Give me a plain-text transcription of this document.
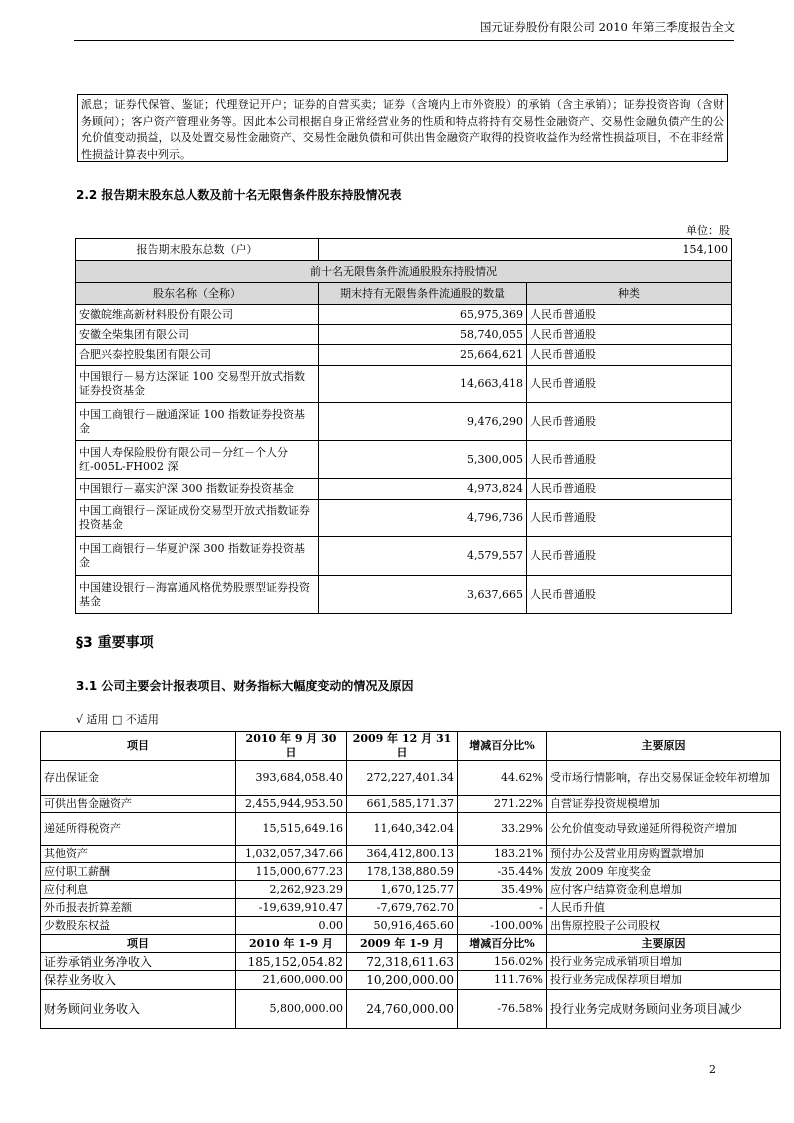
国元证券股份有限公司 2010 年第三季度报告全文
派息；证券代保管、鉴证；代理登记开户；证券的自营买卖；证券（含境内上市外资股）的承销（含主承销）；证券投资咨询（含财务顾问）；客户资产管理业务等。因此本公司根据自身正常经营业务的性质和特点将持有交易性金融资产、交易性金融负债产生的公允价值变动损益，以及处置交易性金融资产、交易性金融负债和可供出售金融资产取得的投资收益作为经常性损益项目，不在非经常性损益计算表中列示。
2.2 报告期末股东总人数及前十名无限售条件股东持股情况表
单位：股
报告期末股东总数（户）	154,100	
前十名无限售条件流通股股东持股情况		
股东名称（全称）	期末持有无限售条件流通股的数量	种类
安徽皖维高新材料股份有限公司	65,975,369	人民币普通股
安徽全柴集团有限公司	58,740,055	人民币普通股
合肥兴泰控股集团有限公司	25,664,621	人民币普通股
中国银行－易方达深证 100 交易型开放式指数证券投资基金	14,663,418	人民币普通股
中国工商银行－融通深证 100 指数证券投资基金	9,476,290	人民币普通股
中国人寿保险股份有限公司－分红－个人分红-005L-FH002 深	5,300,005	人民币普通股
中国银行－嘉实沪深 300 指数证券投资基金	4,973,824	人民币普通股
中国工商银行－深证成份交易型开放式指数证券投资基金	4,796,736	人民币普通股
中国工商银行－华夏沪深 300 指数证券投资基金	4,579,557	人民币普通股
中国建设银行－海富通风格优势股票型证券投资基金	3,637,665	人民币普通股
§3 重要事项
3.1 公司主要会计报表项目、财务指标大幅度变动的情况及原因
√ 适用 □ 不适用
项目	2010 年 9 月 30 日	2009 年 12 月 31 日	增减百分比%	主要原因
存出保证金	393,684,058.40	272,227,401.34	44.62%	受市场行情影响，存出交易保证金较年初增加
可供出售金融资产	2,455,944,953.50	661,585,171.37	271.22%	自营证券投资规模增加
递延所得税资产	15,515,649.16	11,640,342.04	33.29%	公允价值变动导致递延所得税资产增加
其他资产	1,032,057,347.66	364,412,800.13	183.21%	预付办公及营业用房购置款增加
应付职工薪酬	115,000,677.23	178,138,880.59	-35.44%	发放 2009 年度奖金
应付利息	2,262,923.29	1,670,125.77	35.49%	应付客户结算资金利息增加
外币报表折算差额	-19,639,910.47	-7,679,762.70	-	人民币升值
少数股东权益	0.00	50,916,465.60	-100.00%	出售原控股子公司股权
项目	2010 年 1-9 月	2009 年 1-9 月	增减百分比%	主要原因
证券承销业务净收入	185,152,054.82	72,318,611.63	156.02%	投行业务完成承销项目增加
保荐业务收入	21,600,000.00	10,200,000.00	111.76%	投行业务完成保荐项目增加
财务顾问业务收入	5,800,000.00	24,760,000.00	-76.58%	投行业务完成财务顾问业务项目减少
2
